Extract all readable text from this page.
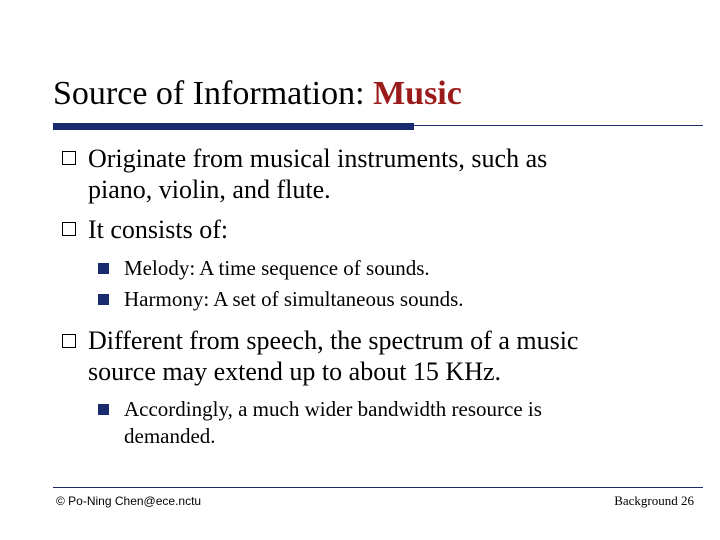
Source of Information: Music
Originate from musical instruments, such as
piano, violin, and flute.
It consists of:
Melody: A time sequence of sounds.
Harmony: A set of simultaneous sounds.
Different from speech, the spectrum of a music
source may extend up to about 15 KHz.
Accordingly, a much wider bandwidth resource is
demanded.
© Po-Ning Chen@ece.nctu	Background 26
